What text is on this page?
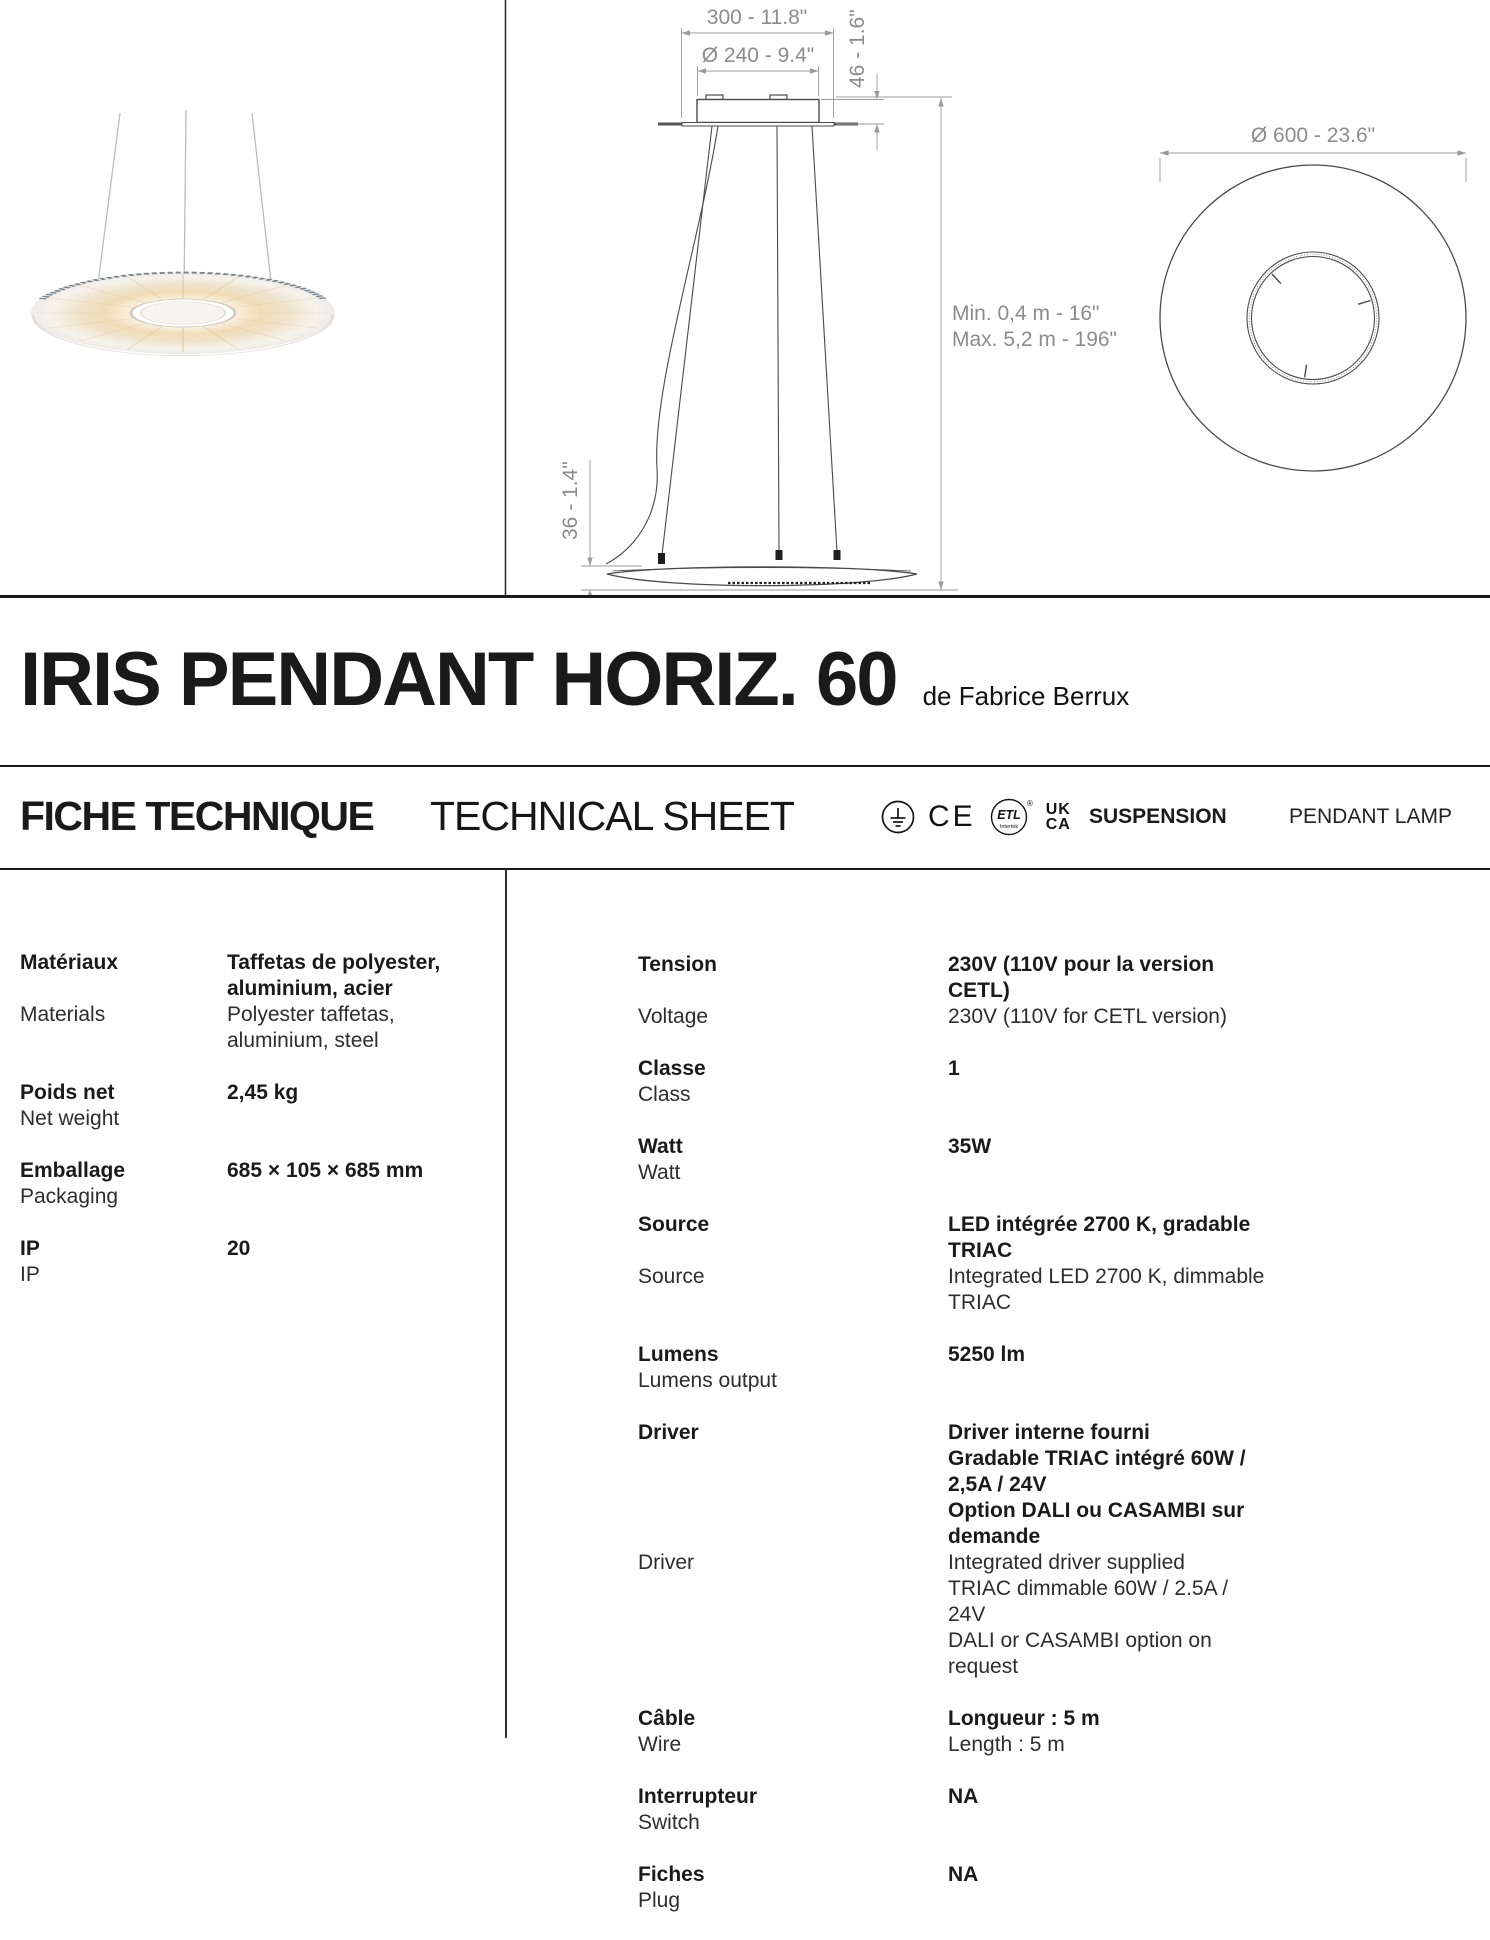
300 - 11.8"
Ø 240 - 9.4" 46 - 1.6"
Min. 0,4 m - 16"
Max. 5,2 m - 196"
36 - 1.4"
Ø 600 - 23.6"
IRIS PENDANT HORIZ. 60 de Fabrice Berrux
FICHE TECHNIQUE TECHNICAL SHEET	CE ETL
Intertek
® UK
CA SUSPENSION	PENDANT LAMP
Matériaux	Taffetas de polyester,
aluminium, acier
Materials	Polyester taffetas,
aluminium, steel
Poids net	2,45 kg
Net weight
Emballage	685 × 105 × 685 mm
Packaging
IP	20
IP
Tension	230V (110V pour la version CETL)
Voltage	230V (110V for CETL version)
Classe	1
Class
Watt	35W
Watt
Source	LED intégrée 2700 K, gradable TRIAC
Source	Integrated LED 2700 K, dimmable TRIAC
Lumens	5250 lm
Lumens output
Driver	Driver interne fourni
Gradable TRIAC intégré 60W / 2,5A / 24V
Option DALI ou CASAMBI sur demande
Driver	Integrated driver supplied
TRIAC dimmable 60W / 2.5A / 24V
DALI or CASAMBI option on request
Câble	Longueur : 5 m
Wire	Length : 5 m
Interrupteur	NA
Switch
Fiches	NA
Plug
